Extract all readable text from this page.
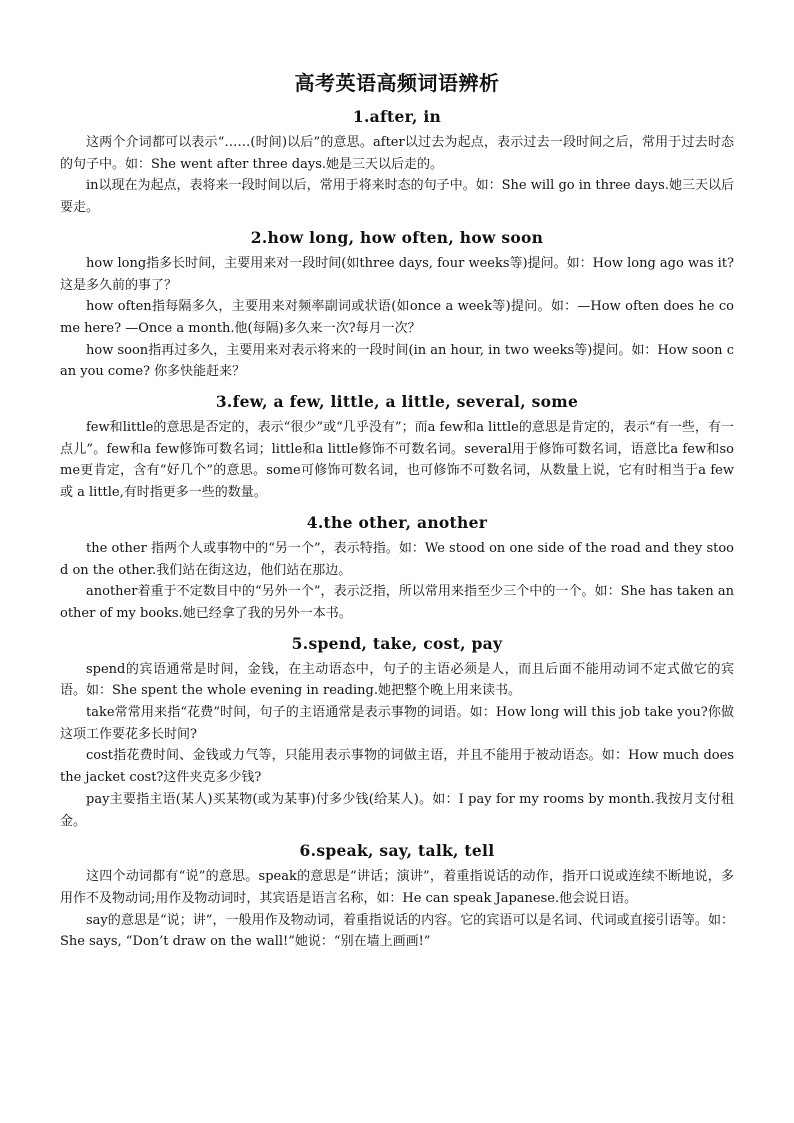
高考英语高频词语辨析
1.after, in

这两个介词都可以表示“……(时间)以后”的意思。after以过去为起点，表示过去一段时间之后，常用于过去时态的句子中。如：She went after three days.她是三天以后走的。

in以现在为起点，表将来一段时间以后，常用于将来时态的句子中。如：She will go in three days.她三天以后要走。

2.how long, how often, how soon

how long指多长时间，主要用来对一段时间(如three days, four weeks等)提问。如：How long ago was it? 这是多久前的事了？

how often指每隔多久，主要用来对频率副词或状语(如once a week等)提问。如：—How often does he come here? —Once a month.他(每隔)多久来一次?每月一次？

how soon指再过多久，主要用来对表示将来的一段时间(in an hour, in two weeks等)提问。如：How soon can you come? 你多快能赶来？

3.few, a few, little, a little, several, some

few和little的意思是否定的，表示“很少”或“几乎没有”；而a few和a little的意思是肯定的，表示“有一些，有一点儿”。few和a few修饰可数名词；little和a little修饰不可数名词。several用于修饰可数名词，语意比a few和some更肯定，含有“好几个”的意思。some可修饰可数名词，也可修饰不可数名词，从数量上说，它有时相当于a few 或 a little,有时指更多一些的数量。

4.the other, another

the other 指两个人或事物中的“另一个”，表示特指。如：We stood on one side of the road and they stood on the other.我们站在街这边，他们站在那边。

another着重于不定数目中的“另外一个”，表示泛指，所以常用来指至少三个中的一个。如：She has taken another of my books.她已经拿了我的另外一本书。

5.spend, take, cost, pay

spend的宾语通常是时间，金钱，在主动语态中，句子的主语必须是人，而且后面不能用动词不定式做它的宾语。如：She spent the whole evening in reading.她把整个晚上用来读书。

take常常用来指“花费”时间，句子的主语通常是表示事物的词语。如：How long will this job take you?你做这项工作要花多长时间?

cost指花费时间、金钱或力气等，只能用表示事物的词做主语，并且不能用于被动语态。如：How much does the jacket cost?这件夹克多少钱?

pay主要指主语(某人)买某物(或为某事)付多少钱(给某人)。如：I pay for my rooms by month.我按月支付租金。

6.speak, say, talk, tell

这四个动词都有“说”的意思。speak的意思是“讲话；演讲”，着重指说话的动作，指开口说或连续不断地说，多用作不及物动词;用作及物动词时，其宾语是语言名称，如：He can speak Japanese.他会说日语。

say的意思是“说；讲”，一般用作及物动词，着重指说话的内容。它的宾语可以是名词、代词或直接引语等。如：She says, “Don’t draw on the wall!”她说：“别在墙上画画!”
